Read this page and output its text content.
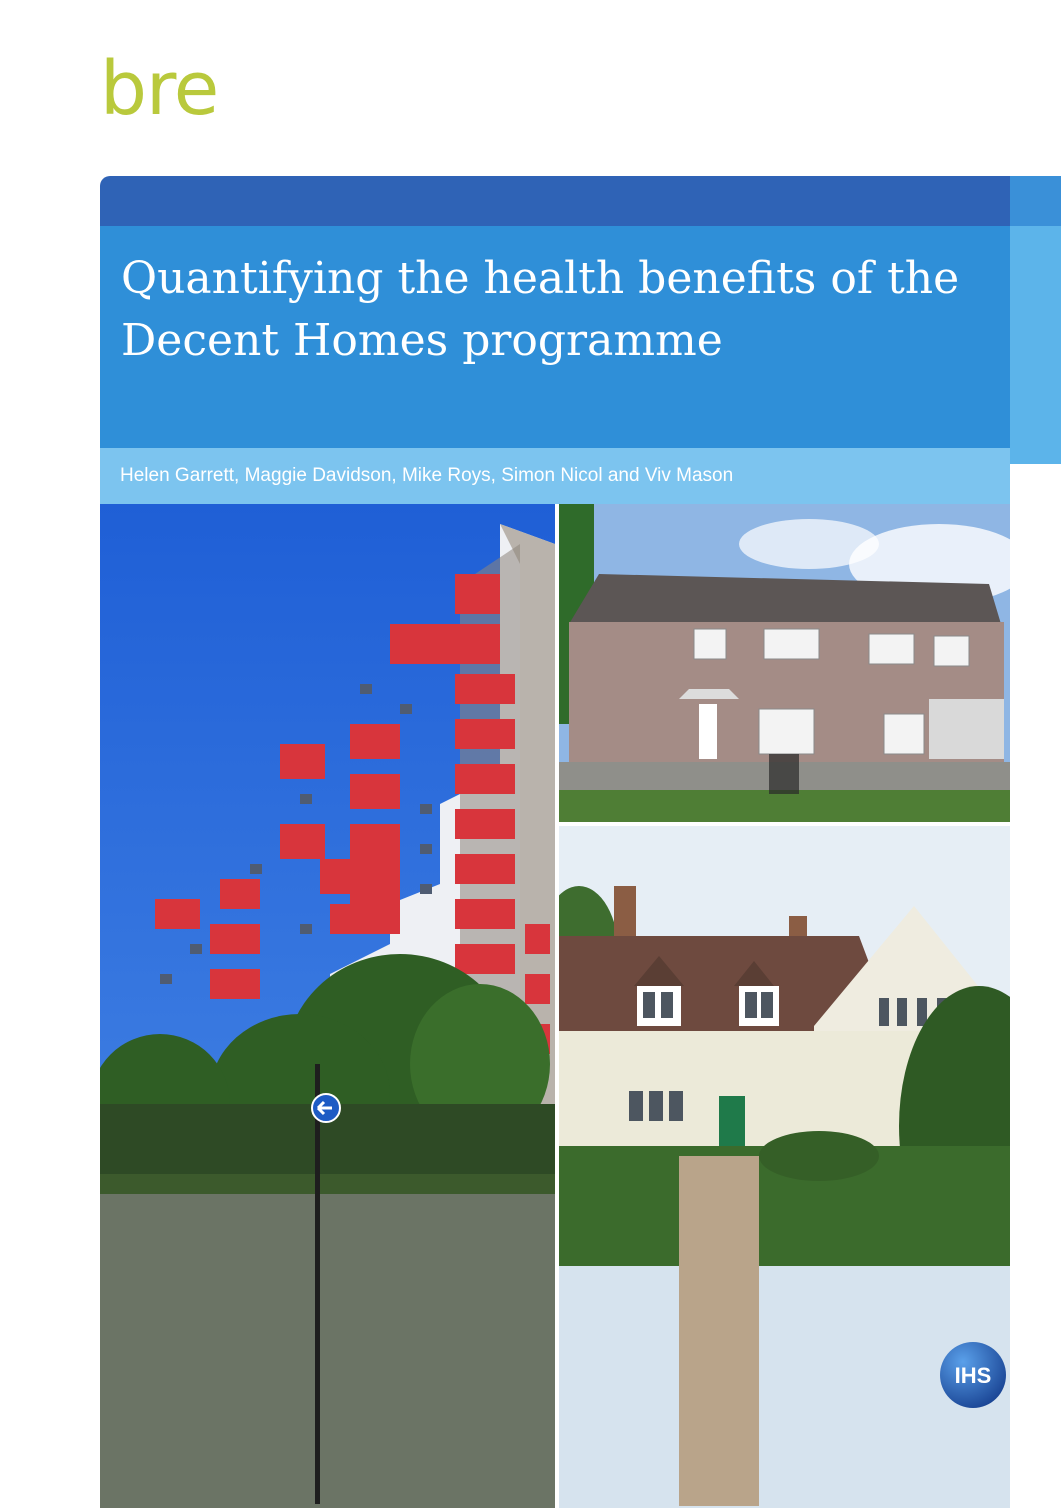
bre
Quantifying the health benefits of the Decent Homes programme
Helen Garrett, Maggie Davidson, Mike Roys, Simon Nicol and Viv Mason
IHS
